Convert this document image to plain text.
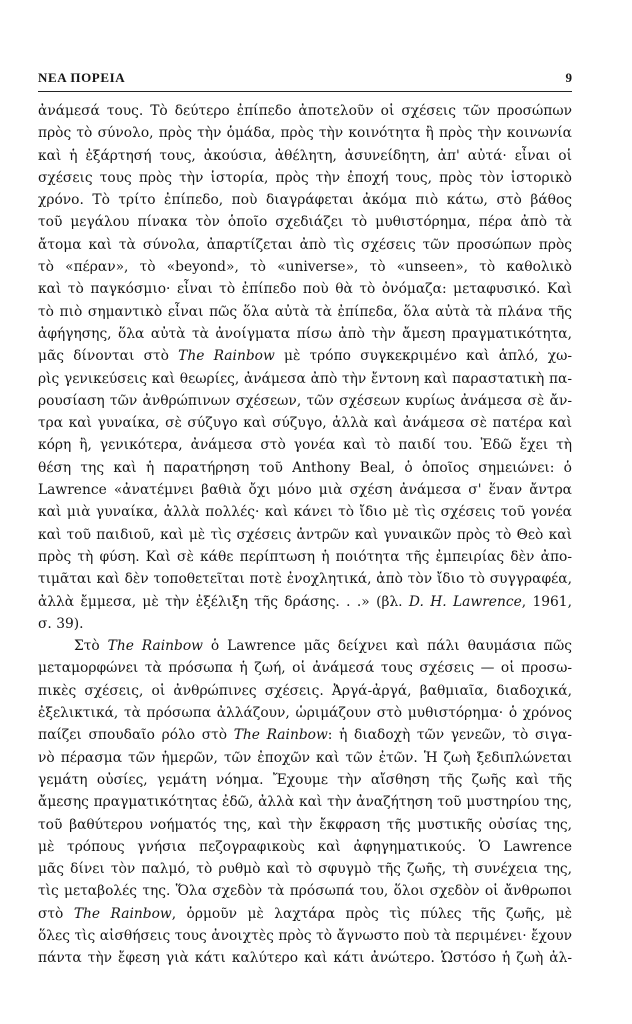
ΝΕΑ ΠΟΡΕΙΑ	9
ἀνάμεσά τους. Τὸ δεύτερο ἐπίπεδο ἀποτελοῦν οἱ σχέσεις τῶν προσώπων
πρὸς τὸ σύνολο, πρὸς τὴν ὁμάδα, πρὸς τὴν κοινότητα ἢ πρὸς τὴν κοινωνία
καὶ ἡ ἐξάρτησή τους, ἀκούσια, ἀθέλητη, ἀσυνείδητη, ἀπ' αὐτά· εἶναι οἱ
σχέσεις τους πρὸς τὴν ἱστορία, πρὸς τὴν ἐποχή τους, πρὸς τὸν ἱστορικὸ
χρόνο. Τὸ τρίτο ἐπίπεδο, ποὺ διαγράφεται ἀκόμα πιὸ κάτω, στὸ βάθος
τοῦ μεγάλου πίνακα τὸν ὁποῖο σχεδιάζει τὸ μυθιστόρημα, πέρα ἀπὸ τὰ
ἄτομα καὶ τὰ σύνολα, ἀπαρτίζεται ἀπὸ τὶς σχέσεις τῶν προσώπων πρὸς
τὸ «πέραν», τὸ «beyond», τὸ «universe», τὸ «unseen», τὸ καθολικὸ
καὶ τὸ παγκόσμιο· εἶναι τὸ ἐπίπεδο ποὺ θὰ τὸ ὀνόμαζα: μεταφυσικό. Καὶ
τὸ πιὸ σημαντικὸ εἶναι πῶς ὅλα αὐτὰ τὰ ἐπίπεδα, ὅλα αὐτὰ τὰ πλάνα τῆς
ἀφήγησης, ὅλα αὐτὰ τὰ ἀνοίγματα πίσω ἀπὸ τὴν ἄμεση πραγματικότητα,
μᾶς δίνονται στὸ The Rainbow μὲ τρόπο συγκεκριμένο καὶ ἁπλό, χω-
ρὶς γενικεύσεις καὶ θεωρίες, ἀνάμεσα ἀπὸ τὴν ἔντονη καὶ παραστατικὴ πα-
ρουσίαση τῶν ἀνθρώπινων σχέσεων, τῶν σχέσεων κυρίως ἀνάμεσα σὲ ἄν-
τρα καὶ γυναίκα, σὲ σύζυγο καὶ σύζυγο, ἀλλὰ καὶ ἀνάμεσα σὲ πατέρα καὶ
κόρη ἢ, γενικότερα, ἀνάμεσα στὸ γονέα καὶ τὸ παιδί του. Ἐδῶ ἔχει τὴ
θέση της καὶ ἡ παρατήρηση τοῦ Anthony Beal, ὁ ὁποῖος σημειώνει: ὁ
Lawrence «ἀνατέμνει βαθιὰ ὄχι μόνο μιὰ σχέση ἀνάμεσα σ' ἕναν ἄντρα
καὶ μιὰ γυναίκα, ἀλλὰ πολλές· καὶ κάνει τὸ ἴδιο μὲ τὶς σχέσεις τοῦ γονέα
καὶ τοῦ παιδιοῦ, καὶ μὲ τὶς σχέσεις ἀντρῶν καὶ γυναικῶν πρὸς τὸ Θεὸ καὶ
πρὸς τὴ φύση. Καὶ σὲ κάθε περίπτωση ἡ ποιότητα τῆς ἐμπειρίας δὲν ἀπο-
τιμᾶται καὶ δὲν τοποθετεῖται ποτὲ ἐνοχλητικά, ἀπὸ τὸν ἴδιο τὸ συγγραφέα,
ἀλλὰ ἔμμεσα, μὲ τὴν ἐξέλιξη τῆς δράσης. . .» (βλ. D. H. Lawrence, 1961,
σ. 39).
Στὸ The Rainbow ὁ Lawrence μᾶς δείχνει καὶ πάλι θαυμάσια πῶς
μεταμορφώνει τὰ πρόσωπα ἡ ζωή, οἱ ἀνάμεσά τους σχέσεις — οἱ προσω-
πικὲς σχέσεις, οἱ ἀνθρώπινες σχέσεις. Ἀργά-ἀργά, βαθμιαῖα, διαδοχικά,
ἐξελικτικά, τὰ πρόσωπα ἀλλάζουν, ὡριμάζουν στὸ μυθιστόρημα· ὁ χρόνος
παίζει σπουδαῖο ρόλο στὸ The Rainbow: ἡ διαδοχὴ τῶν γενεῶν, τὸ σιγα-
νὸ πέρασμα τῶν ἡμερῶν, τῶν ἐποχῶν καὶ τῶν ἐτῶν. Ἡ ζωὴ ξεδιπλώνεται
γεμάτη οὐσίες, γεμάτη νόημα. Ἔχουμε τὴν αἴσθηση τῆς ζωῆς καὶ τῆς
ἄμεσης πραγματικότητας ἐδῶ, ἀλλὰ καὶ τὴν ἀναζήτηση τοῦ μυστηρίου της,
τοῦ βαθύτερου νοήματός της, καὶ τὴν ἔκφραση τῆς μυστικῆς οὐσίας της,
μὲ τρόπους γνήσια πεζογραφικοὺς καὶ ἀφηγηματικούς. Ὁ Lawrence
μᾶς δίνει τὸν παλμό, τὸ ρυθμὸ καὶ τὸ σφυγμὸ τῆς ζωῆς, τὴ συνέχεια της,
τὶς μεταβολές της. Ὅλα σχεδὸν τὰ πρόσωπά του, ὅλοι σχεδὸν οἱ ἄνθρωποι
στὸ The Rainbow, ὁρμοῦν μὲ λαχτάρα πρὸς τὶς πύλες τῆς ζωῆς, μὲ
ὅλες τὶς αἰσθήσεις τους ἀνοιχτὲς πρὸς τὸ ἄγνωστο ποὺ τὰ περιμένει· ἔχουν
πάντα τὴν ἔφεση γιὰ κάτι καλύτερο καὶ κάτι ἀνώτερο. Ὡστόσο ἡ ζωὴ ἀλ-
